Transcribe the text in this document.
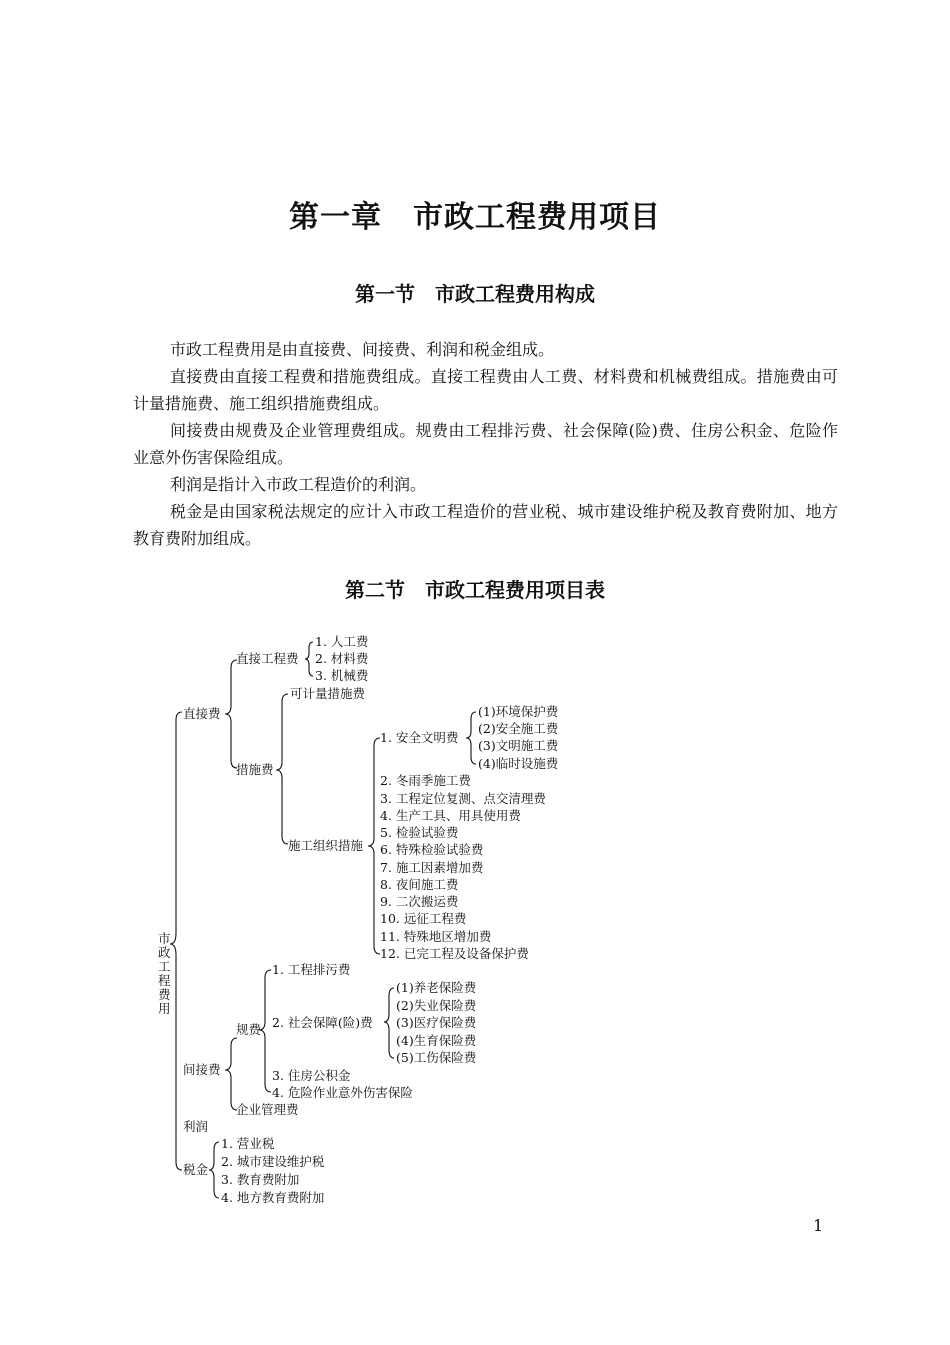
第一章　市政工程费用项目
第一节　市政工程费用构成

市政工程费用是由直接费、间接费、利润和税金组成。

直接费由直接工程费和措施费组成。直接工程费由人工费、材料费和机械费组成。措施费由可计量措施费、施工组织措施费组成。

间接费由规费及企业管理费组成。规费由工程排污费、社会保障(险)费、住房公积金、危险作业意外伤害保险组成。

利润是指计入市政工程造价的利润。

税金是由国家税法规定的应计入市政工程造价的营业税、城市建设维护税及教育费附加、地方教育费附加组成。

第二节　市政工程费用项目表
市
政
工
程
费
用
直接费
直接工程费
1. 人工费
2. 材料费
3. 机械费
措施费
可计量措施费
施工组织措施
1. 安全文明费
(1)环境保护费
(2)安全施工费
(3)文明施工费
(4)临时设施费
2. 冬雨季施工费
3. 工程定位复测、点交清理费
4. 生产工具、用具使用费
5. 检验试验费
6. 特殊检验试验费
7. 施工因素增加费
8. 夜间施工费
9. 二次搬运费
10. 远征工程费
11. 特殊地区增加费
12. 已完工程及设备保护费
间接费
规费
1. 工程排污费
2. 社会保障(险)费
(1)养老保险费
(2)失业保险费
(3)医疗保险费
(4)生育保险费
(5)工伤保险费
3. 住房公积金
4. 危险作业意外伤害保险
企业管理费
利润
税金
1. 营业税
2. 城市建设维护税
3. 教育费附加
4. 地方教育费附加
1
